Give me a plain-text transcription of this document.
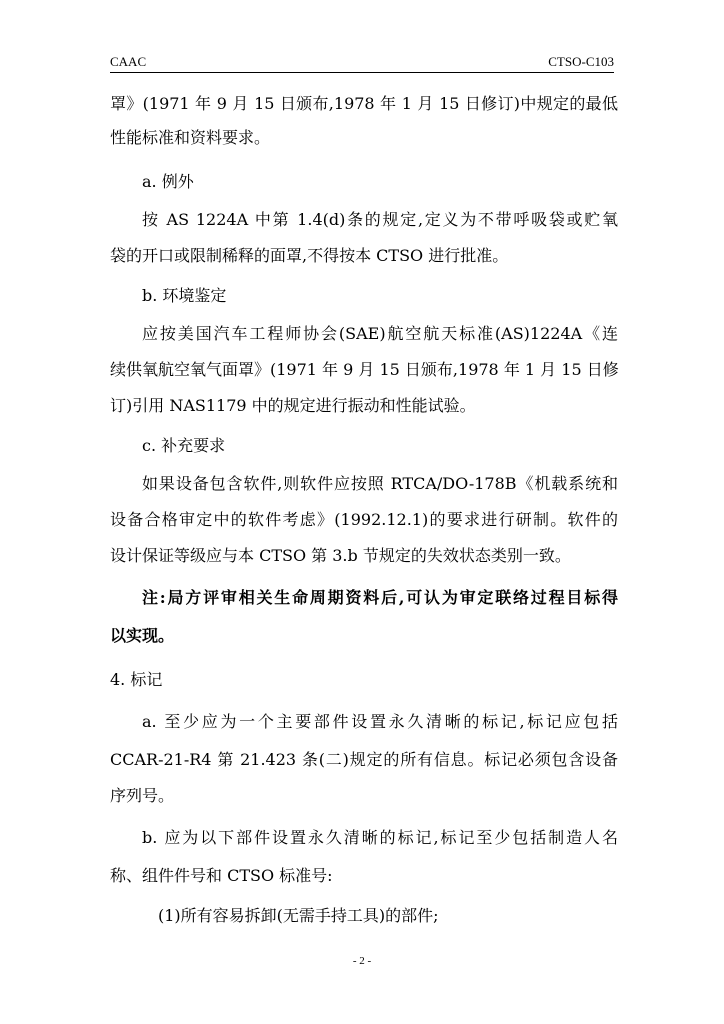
CAAC	CTSO-C103
罩》(1971 年 9 月 15 日颁布,1978 年 1 月 15 日修订)中规定的最低
性能标准和资料要求。
a. 例外
按 AS 1224A 中第 1.4(d)条的规定,定义为不带呼吸袋或贮氧
袋的开口或限制稀释的面罩,不得按本 CTSO 进行批准。
b. 环境鉴定
应按美国汽车工程师协会(SAE)航空航天标准(AS)1224A《连
续供氧航空氧气面罩》(1971 年 9 月 15 日颁布,1978 年 1 月 15 日修
订)引用 NAS1179 中的规定进行振动和性能试验。
c. 补充要求
如果设备包含软件,则软件应按照 RTCA/DO-178B《机载系统和
设备合格审定中的软件考虑》(1992.12.1)的要求进行研制。软件的
设计保证等级应与本 CTSO 第 3.b 节规定的失效状态类别一致。
注:局方评审相关生命周期资料后,可认为审定联络过程目标得
以实现。
4. 标记
a. 至少应为一个主要部件设置永久清晰的标记,标记应包括
CCAR-21-R4 第 21.423 条(二)规定的所有信息。标记必须包含设备
序列号。
b. 应为以下部件设置永久清晰的标记,标记至少包括制造人名
称、组件件号和 CTSO 标准号:
(1)所有容易拆卸(无需手持工具)的部件;
- 2 -
